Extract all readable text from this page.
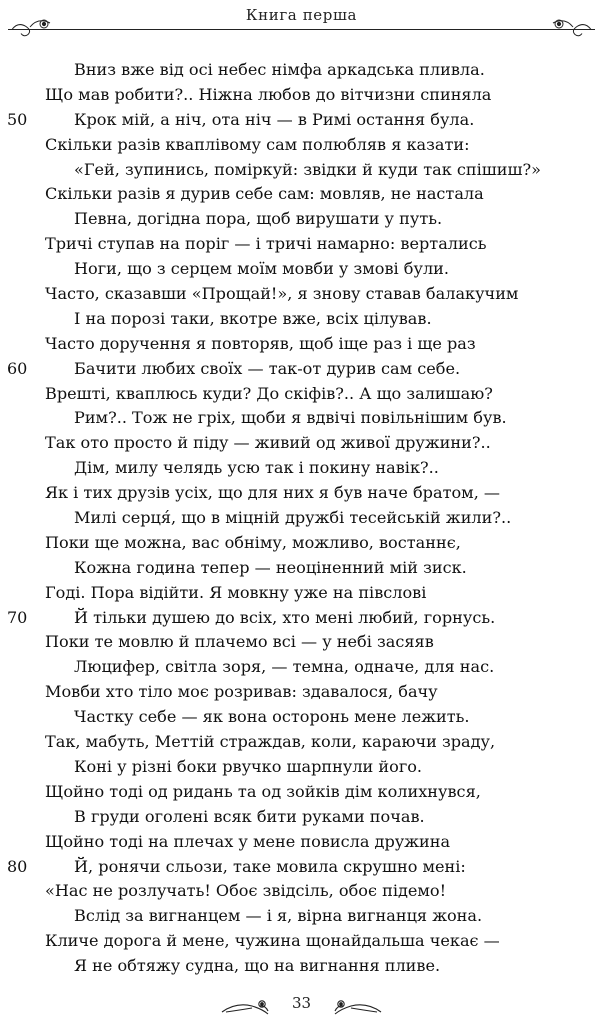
Книга перша
Вниз вже від осі небес німфа аркадська пливла.
Що мав робити?.. Ніжна любов до вітчизни спиняла
50	Крок мій, а ніч, ота ніч — в Римі остання була.
Скільки разів кваплівому сам полюбляв я казати:
«Гей, зупинись, поміркуй: звідки й куди так спішиш?»
Скільки разів я дурив себе сам: мовляв, не настала
Певна, догідна пора, щоб вирушати у путь.
Тричі ступав на поріг — і тричі намарно: вертались
Ноги, що з серцем моїм мовби у змові були.
Часто, сказавши «Прощай!», я знову ставав балакучим
І на порозі таки, вкотре вже, всіх цілував.
Часто доручення я повторяв, щоб іще раз і ще раз
60	Бачити любих своїх — так-от дурив сам себе.
Врешті, кваплюсь куди? До скіфів?.. А що залишаю?
Рим?.. Тож не гріх, щоби я вдвічі повільнішим був.
Так ото просто й піду — живий од живої дружини?..
Дім, милу челядь усю так і покину навік?..
Як і тих друзів усіх, що для них я був наче братом, —
Милі серця́, що в міцній дружбі тесейській жили?..
Поки ще можна, вас обніму, можливо, востаннє,
Кожна година тепер — неоціненний мій зиск.
Годі. Пора відійти. Я мовкну уже на півслові
70	Й тільки душею до всіх, хто мені любий, горнусь.
Поки те мовлю й плачемо всі — у небі засяяв
Люцифер, світла зоря, — темна, одначе, для нас.
Мовби хто тіло моє розривав: здавалося, бачу
Частку себе — як вона осторонь мене лежить.
Так, мабуть, Меттій страждав, коли, караючи зраду,
Коні у різні боки рвучко шарпнули його.
Щойно тоді од ридань та од зойків дім колихнувся,
В груди оголені всяк бити руками почав.
Щойно тоді на плечах у мене повисла дружина
80	Й, ронячи сльози, таке мовила скрушно мені:
«Нас не розлучать! Обоє звідсіль, обоє підемо!
Вслід за вигнанцем — і я, вірна вигнанця жона.
Кличе дорога й мене, чужина щонайдальша чекає —
Я не обтяжу судна, що на вигнання пливе.
33
